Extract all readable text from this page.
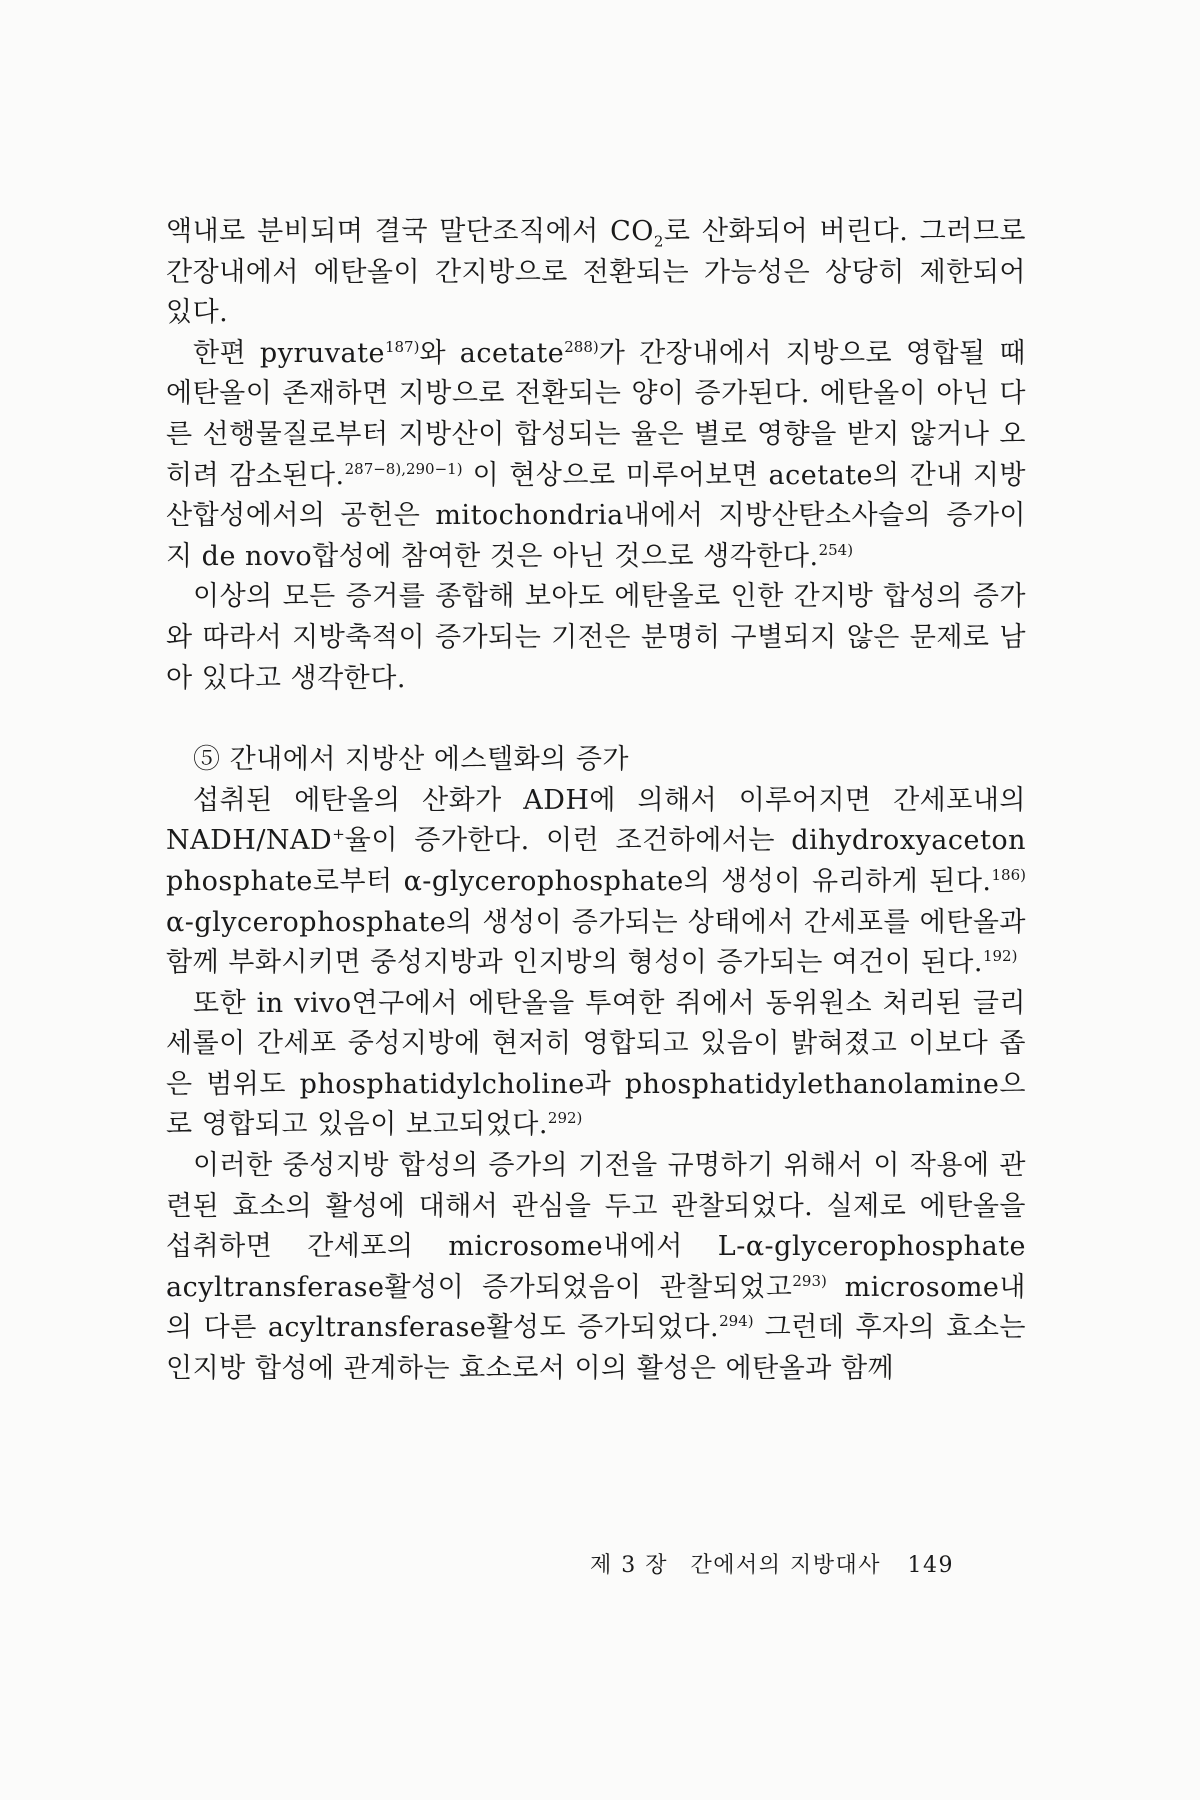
액내로 분비되며 결국 말단조직에서 $CO_2$로 산화되어 버린다. 그러므로 간장내에서 에탄올이 간지방으로 전환되는 가능성은 상당히 제한되어 있다.

한편 pyruvate$^{187)}$와 acetate$^{288)}$가 간장내에서 지방으로 영합될 때 에탄올이 존재하면 지방으로 전환되는 양이 증가된다. 에탄올이 아닌 다른 선행물질로부터 지방산이 합성되는 율은 별로 영향을 받지 않거나 오히려 감소된다.$^{287-8),290-1)}$ 이 현상으로 미루어보면 acetate의 간내 지방산합성에서의 공헌은 mitochondria내에서 지방산탄소사슬의 증가이지 de novo합성에 참여한 것은 아닌 것으로 생각한다.$^{254)}$

이상의 모든 증거를 종합해 보아도 에탄올로 인한 간지방 합성의 증가와 따라서 지방축적이 증가되는 기전은 분명히 구별되지 않은 문제로 남아 있다고 생각한다.

⑤ 간내에서 지방산 에스텔화의 증가

섭취된 에탄올의 산화가 ADH에 의해서 이루어지면 간세포내의 NADH/NAD+율이 증가한다. 이런 조건하에서는 dihydroxyaceton phosphate로부터 α-glycerophosphate의 생성이 유리하게 된다.$^{186)}$ α-glycerophosphate의 생성이 증가되는 상태에서 간세포를 에탄올과 함께 부화시키면 중성지방과 인지방의 형성이 증가되는 여건이 된다.$^{192)}$

또한 in vivo연구에서 에탄올을 투여한 쥐에서 동위원소 처리된 글리세롤이 간세포 중성지방에 현저히 영합되고 있음이 밝혀졌고 이보다 좁은 범위도 phosphatidylcholine과 phosphatidylethanolamine으로 영합되고 있음이 보고되었다.$^{292)}$

이러한 중성지방 합성의 증가의 기전을 규명하기 위해서 이 작용에 관련된 효소의 활성에 대해서 관심을 두고 관찰되었다. 실제로 에탄올을 섭취하면 간세포의 microsome내에서 L-α-glycerophosphate acyltransferase활성이 증가되었음이 관찰되었고$^{293)}$ microsome내의 다른 acyltransferase활성도 증가되었다.$^{294)}$ 그런데 후자의 효소는 인지방 합성에 관계하는 효소로서 이의 활성은 에탄올과 함께

제 3 장 간에서의 지방대사 149
